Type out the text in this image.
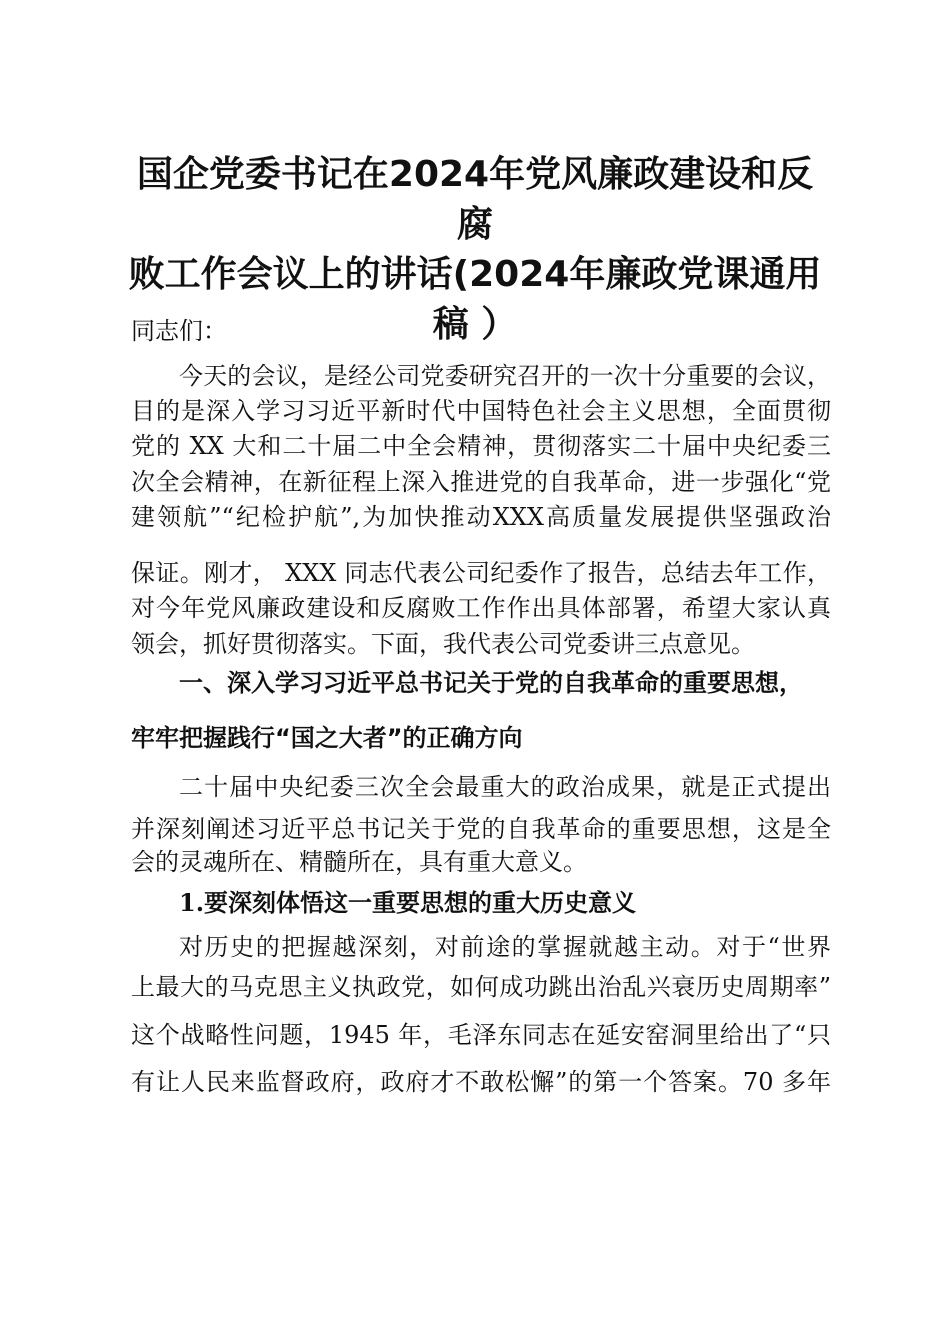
国企党委书记在2024年党风廉政建设和反腐
败工作会议上的讲话(2024年廉政党课通用
稿 ）
同志们：
今天的会议，是经公司党委研究召开的一次十分重要的会议，
目的是深入学习习近平新时代中国特色社会主义思想，全面贯彻
党的 XX 大和二十届二中全会精神，贯彻落实二十届中央纪委三
次全会精神，在新征程上深入推进党的自我革命，进一步强化“党
建领航”“纪检护航”,为加快推动XXX高质量发展提供坚强政治
保证。刚才， XXX 同志代表公司纪委作了报告，总结去年工作，
对今年党风廉政建设和反腐败工作作出具体部署，希望大家认真
领会，抓好贯彻落实。下面，我代表公司党委讲三点意见。
一、深入学习习近平总书记关于党的自我革命的重要思想，
牢牢把握践行“国之大者”的正确方向
二十届中央纪委三次全会最重大的政治成果，就是正式提出
并深刻阐述习近平总书记关于党的自我革命的重要思想，这是全
会的灵魂所在、精髓所在，具有重大意义。
1.要深刻体悟这一重要思想的重大历史意义
对历史的把握越深刻，对前途的掌握就越主动。对于“世界
上最大的马克思主义执政党，如何成功跳出治乱兴衰历史周期率”
这个战略性问题，1945 年，毛泽东同志在延安窑洞里给出了“只
有让人民来监督政府，政府才不敢松懈”的第一个答案。70 多年
